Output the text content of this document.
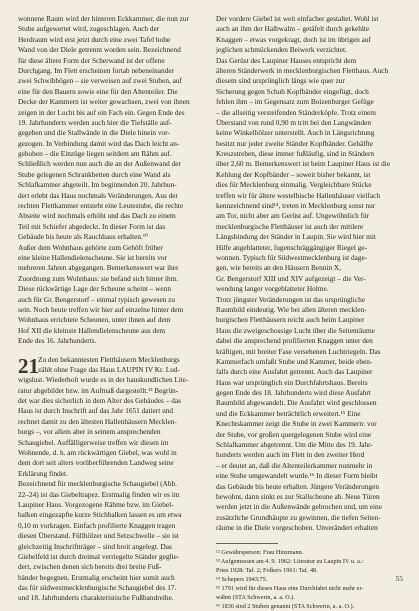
wonnene Raum wird der hinteren Eckkammer, die nun zur
Stube aufgewertet wird, zugeschlagen. Auch der
Herdraum wird erst jetzt durch eine zwei Tafel hohe
Wand von der Diele getrennt worden sein. Bezeichnend
für diese ältere Form der Scherwand ist der offene
Durchgang. Im Flett erscheinen fortab nebeneinander
zwei Schwibbögen – sie verweisen auf zwei Stuben, auf
eine für den Bauern sowie eine für den Altenteiler. Die
Decke der Kammern ist weiter gewachsen, zwei von ihnen
zeigen in der Lucht bis auf ein Fach ein. Gegen Ende des
19. Jahrhunderts werden auch hier die Tiefställe auf-
gegeben und die Stallwände in die Diele hinein vor-
gezogen. In Verbindung damit wird das Dach leicht an-
gehoben – die Einzüge liegen seitdem am Rähm auf.
Schließlich werden nun auch die an der Außenwand der
Stube gelegenen Schrankbetten durch eine Wand als
Schlafkammer abgeteilt. Im beginnenden 20. Jahrhun-
dert erlebt das Haus nochmals Veränderungen. Aus der
rechten Flettkammer entsteht eine Leutestube, die rechte
Abseite wird nochmals erhöht und das Dach zu einem
Teil mit Schiefer abgedeckt. In dieser Form ist das
Gebäude bis heute als Rauchhaus erhalten.¹⁰
Außer dem Wohnhaus gehörte zum Gehöft früher
eine kleine Hallendielenscheune. Sie ist bereits vor
mehreren Jahren abgegangen. Bemerkenswert war ihre
Zuordnung zum Wohnhaus: sie befand sich hinter ihm.
Diese rückwärtige Lage der Scheune scheint – wenn
auch für Gr. Bengerstorf – einmal typisch gewesen zu
sein. Noch heute treffen wir hier auf einzelne hinter dem
Wohnhaus errichtete Scheunen, unter ihnen auf dem
Hof XII die kleinste Hallendielenscheune aus dem
Ende des 16. Jahrhunderts.
21 Zu den bekanntesten Fletthäusern Mecklenburgs
zählt ohne Frage das Haus LAUPIN IV Kr. Lud-
wigslust. Wiederholt wurde es in der hauskundlichen Lite-
ratur abgebildet bzw. im Aufmaß dargestellt.¹³ Begrün-
det war dies sicherlich in dem Alter des Gebäudes – das
Haus ist durch Inschrift auf das Jahr 1651 datiert und
rechnet damit zu den ältesten Hallenhäusern Mecklen-
burgs –, vor allem aber in seinem ansprechenden
Schaugiebel. Auffälligerweise treffen wir diesen im
Wohnende, d. h. am rückwärtigen Giebel, was wohl in
dem dort seit alters vorüberführenden Landweg seine
Erklärung findet.
Bezeichnend für mecklenburgische Schaugiebel (Abb.
22–24) ist das Giebeltrapez. Erstmalig finden wir es im
Laupiner Haus. Vorgezogene Rähme bzw. im Giebel-
balken eingezapfte kurze Stichbalken lassen es um etwa
0,10 m vorkragen. Einfach profilierte Knaggen tragen
diesen Überstand. Füllhölzer und Setzschwelle – sie ist
gleichzeitig Inschriftträger – sind breit angelegt. Das
Giebelfeld ist durch dreimal verriegelte Ständer geglie-
dert, zwischen denen sich bereits drei breite Fuß-
bänder begegnen. Erstmalig erscheint hier somit auch
das für südwestmecklenburgische Schaugiebel des 17.
und 18. Jahrhunderts charakteristische Fußbandreihe.
Der vordere Giebel ist weit einfacher gestaltet. Wohl ist
auch an ihm der Halbwalm – getäfelt durch gekehlte
Knaggen – etwas vorgekragt, doch ist im übrigen auf
jeglichen schmückenden Beiwerk verzichtet.
Das Gerüst des Laupiner Hauses entspricht dem
älteren Ständerwerk in mecklenburgischen Fletthaus. Auch
diesem sind ursprünglich längs wie quer zur
Sicherung gegen Schub Kopfbänder eingefügt, doch
fehlen ihm – im Gegensatz zum Boizenburger Gefüge
– die allseitig versteifenden Ständerköpfe. Trotz einem
Überstand von rund 0,90 m tritt bei den Langwänden
keine Winkelhölzer unterstellt. Auch in Längsrichtung
besitzt nur jeder zweite Ständer Kopfbänder. Gehälfte
Kreuzstreben, diese immer fußläufig, sind in Ständern
über 2,60 m. Bemerkenswert ist beim Laupiner Haus ist die
Kehlung der Kopfbänder – soweit bisher bekannt, ist
dies für Mecklenburg einmalig. Vergleichbare Stücke
treffen wir für ältere westelbische Hallenhäuser vielfach
kennzeichnend sind¹⁴, treten in Mecklenburg sonst nur
am Tor, nicht aber am Gerüst auf. Ungewöhnlich für
mecklenburgische Fletthäuser ist auch der mittlere
Längsbindung der Ständer in Laupin. Sie wird hier mit
Hilfe angeblatteter, fugenschräggängiger Riegel ge-
wonnen. Typisch für Südwestmecklenburg ist dage-
gen, wie bereits an den Häusern Bennin X,
Gr. Bengerstorf XIII und XIV aufgezeigt – die Ver-
wendung langer vorgeblatteter Holme.
Trotz jüngster Veränderungen ist das ursprüngliche
Raumbild eindeutig. Wie bei allen älteren mecklen-
burgischen Fletthäusern reicht auch beim Laupiner
Haus die zweigeschossige Lucht über die Seitenräume
dabei die ansprechend profilierten Knaggen unter den
kräftigen, mit breiter Fase versehenen Luchtriegeln. Das
Kammerfach umfaßt Stube und Kammer, beide eben-
falls durch eine Ausfahrt getrennt. Auch das Laupiner
Haus war ursprünglich ein Durchfahrtshaus. Bereits
gegen Ende des 18. Jahrhunderts wird diese Ausfahrt
Raumbild abgewandelt. Die Ausfahrt wird geschlossen
und die Eckkammer beträchtlich erweitert.¹⁵ Eine
Knechtskammer zeigt die Stube in zwei Kammern: vor
der Stube, vor großen quergelegenen Stube wird eine
Schlafkammer abgetrennt. Um die Mitte des 19. Jahr-
hunderts werden auch im Flett in den zweiter Herd
– er deutet an, daß die Altenteilerkammer nunmehr in
eine Stube umgewandelt wurde.¹⁶ In dieser Form bleibt
das Gebäude bis heute erhalten. Jüngere Veränderungen
bewohnt, dann sinkt es zur Stallscheune ab. Neue Türen
werden jetzt in die Außenwände gebrochen und, um eine
zusätzliche Grundhäupte zu gewinnen, die tiefen Seiten-
räume in die Diele vorgeschoben. Unverändert erhalten
¹² Gewährsperson: Frau Hinzmann.
¹³ Aufgemessen am 4. 9. 1962: Literatur zu Laupin IV u. a.:
Pries 1928: Taf. 2; Folkers 1961: Taf. 48.
¹⁴ Schepers 1943:75.
¹⁵ 1791 wird für dieses Haus eine Durchfahrt nicht mehr er-
wähnt (STA Schwerin, a. a. O.).
¹⁶ 1836 sind 2 Stuben genannt (STA Schwerin, a. a. O.).
55
